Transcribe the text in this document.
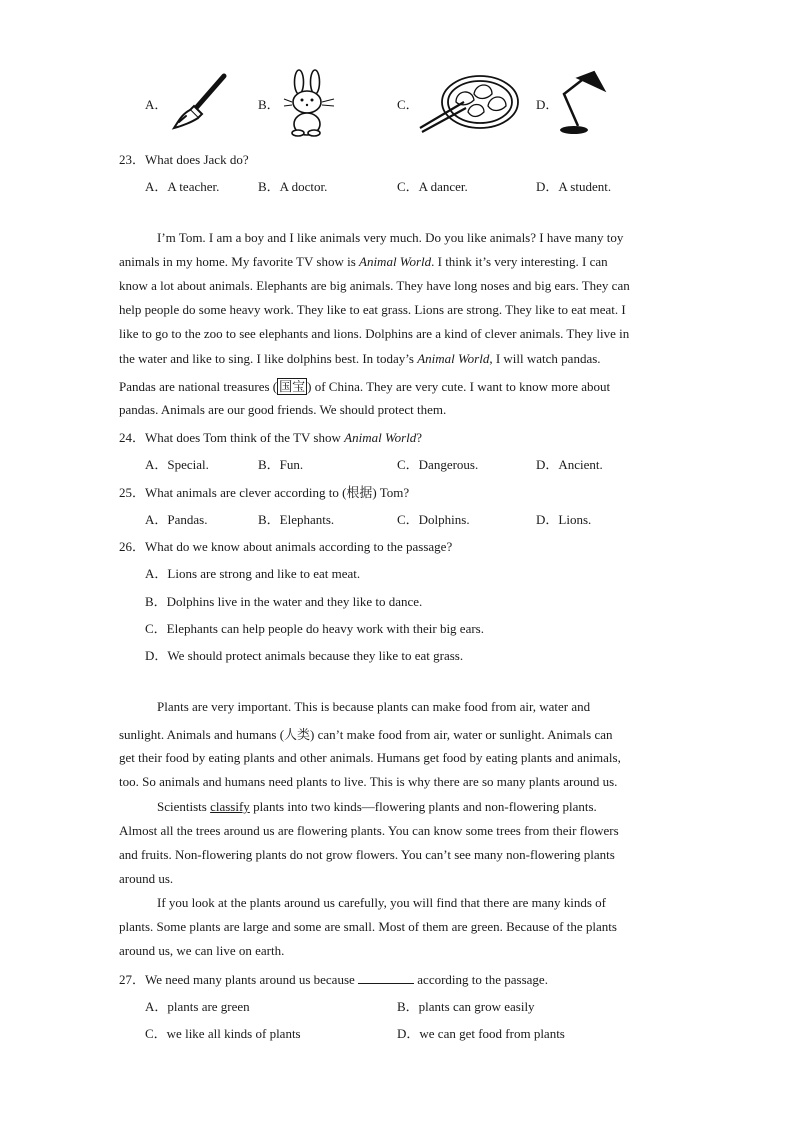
A．	B．	C．	D．
23．What does Jack do?
A．A teacher.	B．A doctor.	C．A dancer.	D．A student.
I’m Tom. I am a boy and I like animals very much. Do you like animals? I have many toy
animals in my home. My favorite TV show is Animal World. I think it’s very interesting. I can
know a lot about animals. Elephants are big animals. They have long noses and big ears. They can
help people do some heavy work. They like to eat grass. Lions are strong. They like to eat meat. I
like to go to the zoo to see elephants and lions. Dolphins are a kind of clever animals. They live in
the water and like to sing. I like dolphins best. In today’s Animal World, I will watch pandas.
Pandas are national treasures ( 国宝 ) of China. They are very cute. I want to know more about
pandas. Animals are our good friends. We should protect them.
24．What does Tom think of the TV show Animal World?
A．Special.	B．Fun.	C．Dangerous.	D．Ancient.
25．What animals are clever according to (根据) Tom?
A．Pandas.	B．Elephants.	C．Dolphins.	D．Lions.
26．What do we know about animals according to the passage?
A．Lions are strong and like to eat meat.
B．Dolphins live in the water and they like to dance.
C．Elephants can help people do heavy work with their big ears.
D．We should protect animals because they like to eat grass.
Plants are very important. This is because plants can make food from air, water and
sunlight. Animals and humans (人类) can’t make food from air, water or sunlight. Animals can
get their food by eating plants and other animals. Humans get food by eating plants and animals,
too. So animals and humans need plants to live. This is why there are so many plants around us.
Scientists classify plants into two kinds—flowering plants and non-flowering plants.
Almost all the trees around us are flowering plants. You can know some trees from their flowers
and fruits. Non-flowering plants do not grow flowers. You can’t see many non-flowering plants
around us.
If you look at the plants around us carefully, you will find that there are many kinds of
plants. Some plants are large and some are small. Most of them are green. Because of the plants
around us, we can live on earth.
27．We need many plants around us because	according to the passage.
A．plants are green	B．plants can grow easily
C．we like all kinds of plants	D．we can get food from plants
